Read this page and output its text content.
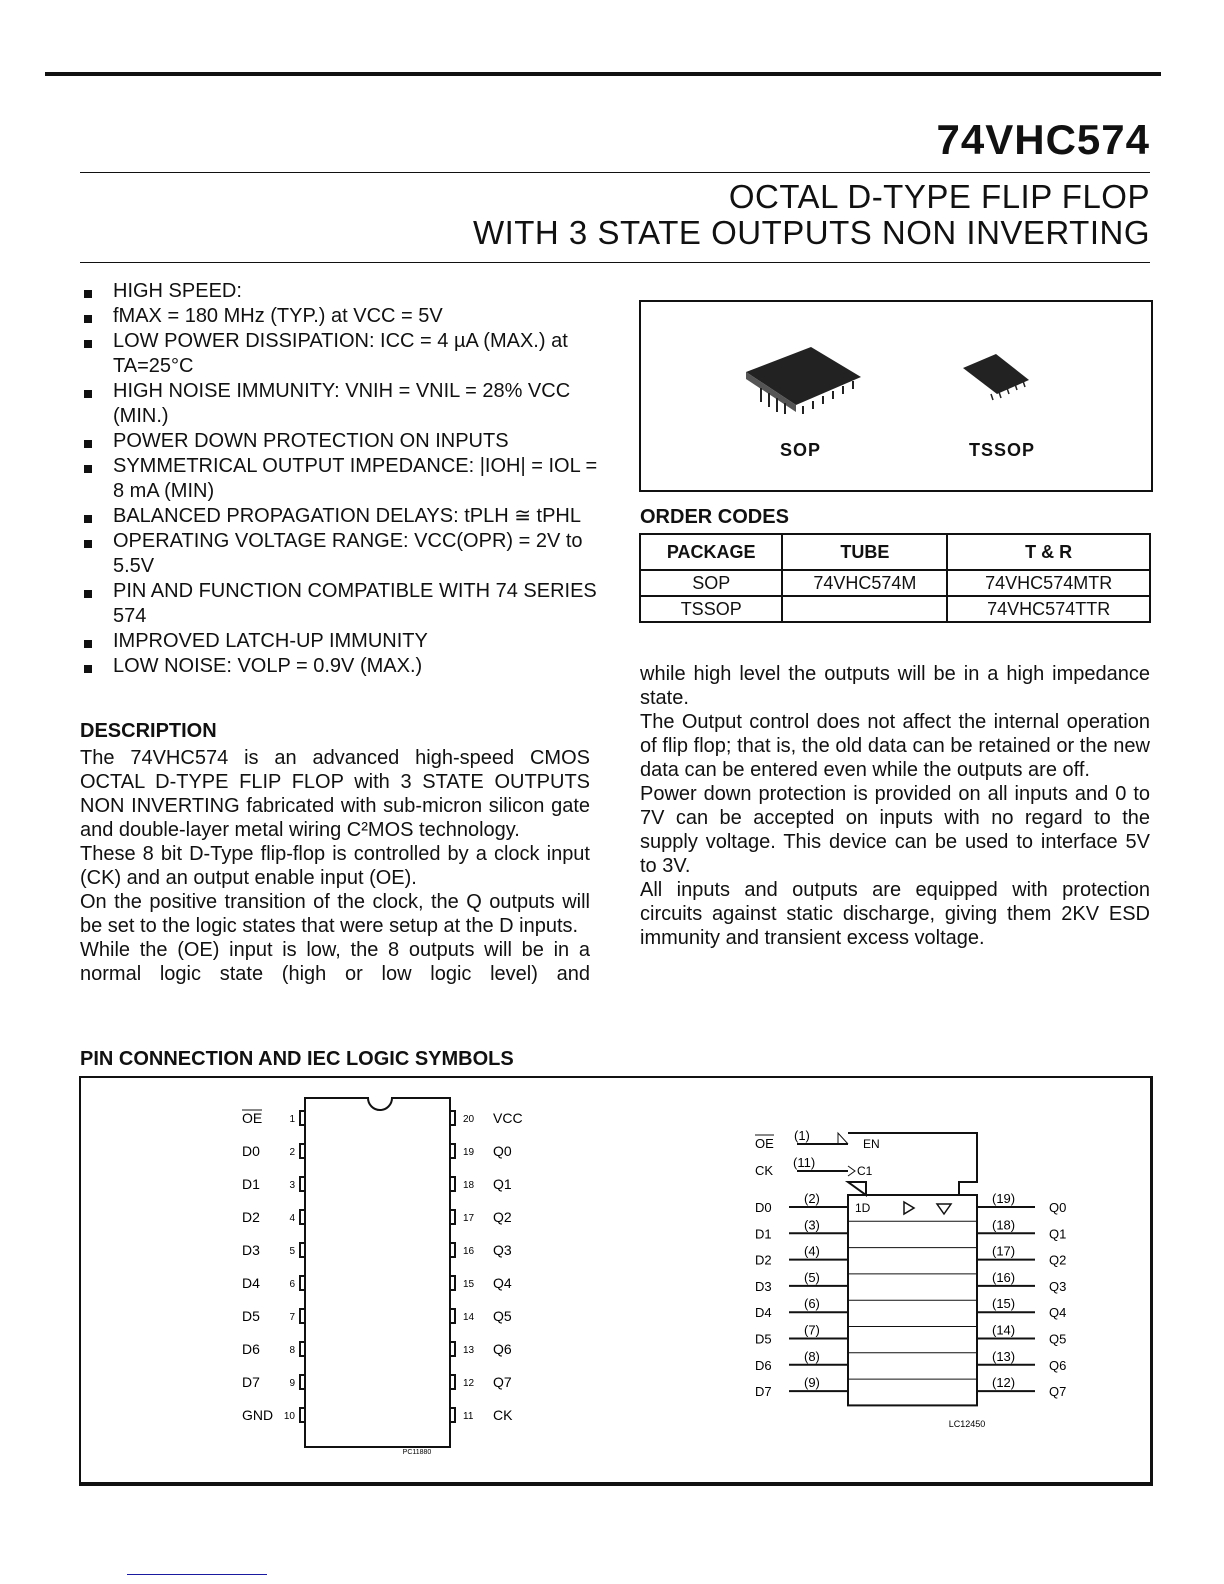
74VHC574
OCTAL D-TYPE FLIP FLOP
WITH 3 STATE OUTPUTS NON INVERTING
HIGH SPEED:
fMAX = 180 MHz (TYP.) at VCC = 5V
LOW POWER DISSIPATION: ICC = 4 µA (MAX.) at TA=25°C
HIGH NOISE IMMUNITY: VNIH = VNIL = 28% VCC (MIN.)
POWER DOWN PROTECTION ON INPUTS
SYMMETRICAL OUTPUT IMPEDANCE: |IOH| = IOL = 8 mA (MIN)
BALANCED PROPAGATION DELAYS: tPLH ≅ tPHL
OPERATING VOLTAGE RANGE: VCC(OPR) = 2V to 5.5V
PIN AND FUNCTION COMPATIBLE WITH 74 SERIES 574
IMPROVED LATCH-UP IMMUNITY
LOW NOISE: VOLP = 0.9V (MAX.)
SOP	TSSOP
ORDER CODES
PACKAGE	TUBE	T & R
SOP	74VHC574M	74VHC574MTR
TSSOP		74VHC574TTR
DESCRIPTION
The 74VHC574 is an advanced high-speed CMOS OCTAL D-TYPE FLIP FLOP with 3 STATE OUTPUTS NON INVERTING fabricated with sub-micron silicon gate and double-layer metal wiring C²MOS technology.
These 8 bit D-Type flip-flop is controlled by a clock input (CK) and an output enable input (OE).
On the positive transition of the clock, the Q outputs will be set to the logic states that were setup at the D inputs.
While the (OE) input is low, the 8 outputs will be in a normal logic state (high or low logic level) and
while high level the outputs will be in a high impedance state.
The Output control does not affect the internal operation of flip flop; that is, the old data can be retained or the new data can be entered even while the outputs are off.
Power down protection is provided on all inputs and 0 to 7V can be accepted on inputs with no regard to the supply voltage. This device can be used to interface 5V to 3V.
All inputs and outputs are equipped with protection circuits against static discharge, giving them 2KV ESD immunity and transient excess voltage.
PIN CONNECTION AND IEC LOGIC SYMBOLS
1
OE
2
D0
3
D1
4
D2
5
D3
6
D4
7
D5
8
D6
9
D7
10
GND
20 VCC
19 Q0
18 Q1
17 Q2
16 Q3
15 Q4
14 Q5
13 Q6
12 Q7
11 CK
PC11880
OE
(1)
EN
CK
(11)
C1
1D
D0
(2)	(19)
Q0
D1
(3)	(18)
Q1
D2
(4)	(17)
Q2
D3
(5)	(16)
Q3
D4
(6)	(15)
Q4
D5
(7)	(14)
Q5
D6
(8)	(13)
Q6
D7
(9)	(12)
Q7
LC12450
